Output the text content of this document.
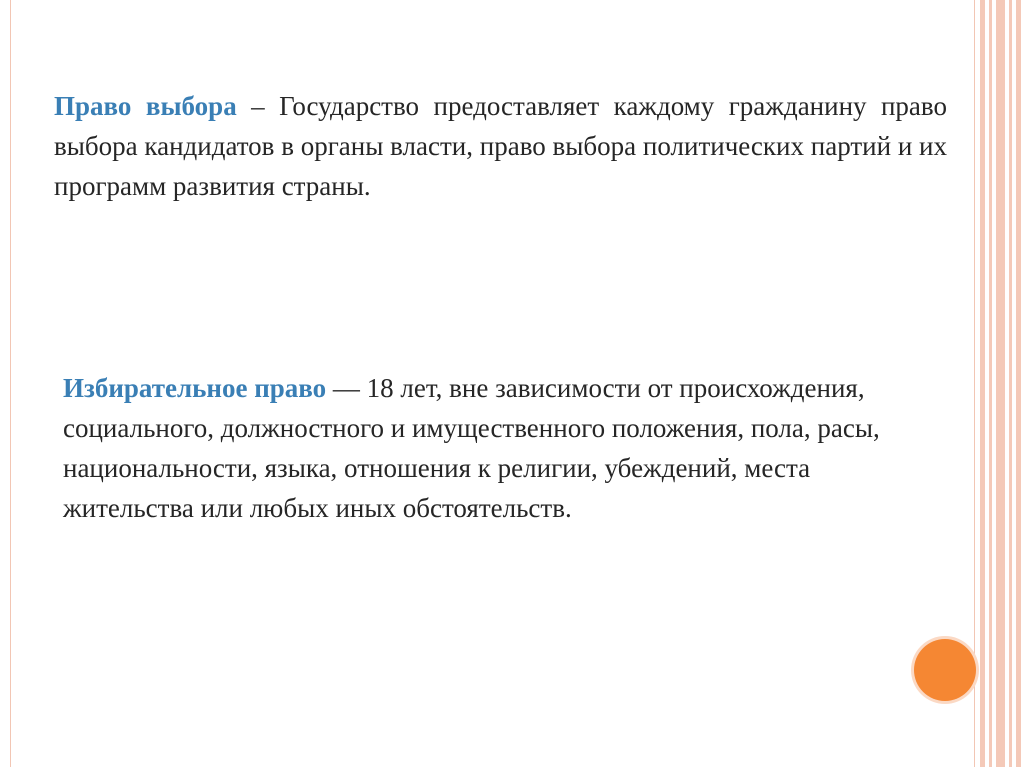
Право выбора – Государство предоставляет каждому гражданину право выбора кандидатов в органы власти, право выбора политических партий и их программ развития страны.

Избирательное право — 18 лет, вне зависимости от происхождения, социального, должностного и имущественного положения, пола, расы, национальности, языка, отношения к религии, убеждений, места жительства или любых иных обстоятельств.
